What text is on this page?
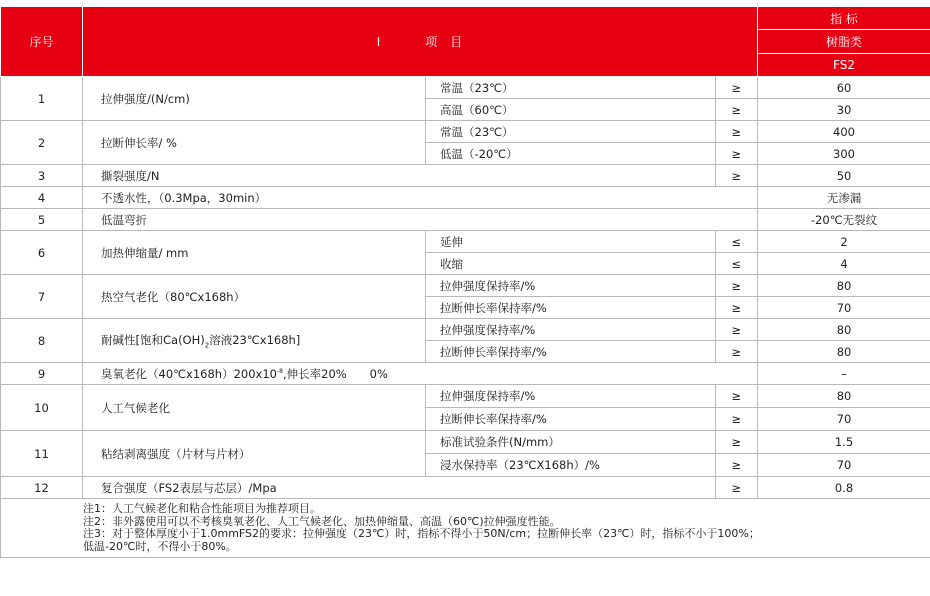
序号	I 项 目			指 标
				树脂类
				FS2
1	拉伸强度/(N/cm)	常温（23℃）	≥	60
		高温（60℃）	≥	30
2	拉断伸长率/ %	常温（23℃）	≥	400
		低温（-20℃）	≥	300
3	撕裂强度/N		≥	50
4	不透水性，（0.3Mpa，30min）			无渗漏
5	低温弯折			-20℃无裂纹
6	加热伸缩量/ mm	延伸	≤	2
		收缩	≤	4
7	热空气老化（80℃x168h）	拉伸强度保持率/%	≥	80
		拉断伸长率保持率/%	≥	70
8	耐碱性[饱和$Ca(OH)_2$溶液23℃x168h]	拉伸强度保持率/%	≥	80
		拉断伸长率保持率/%	≥	80
9	臭氧老化$(40℃x168h)200x10^{-8}$,伸长率20%　　0%			–
10	人工气候老化	拉伸强度保持率/%	≥	80
		拉断伸长率保持率/%	≥	70
11	粘结剥离强度（片材与片材）	标准试验条件(N/mm）	≥	1.5
		浸水保持率（23℃X168h）/%	≥	70
12	复合强度（FS2表层与芯层）/Mpa		≥	0.8

注1：人工气候老化和粘合性能项目为推荐项目。
注2：非外露使用可以不考核臭氧老化、人工气候老化、加热伸缩量、高温（60℃)拉伸强度性能。
注3：对于整体厚度小于1.0mmFS2的要求：拉伸强度（23℃）时，指标不得小于50N/cm；拉断伸长率（23℃）时，指标不小于100%；
低温-20℃时，不得小于80%。				
